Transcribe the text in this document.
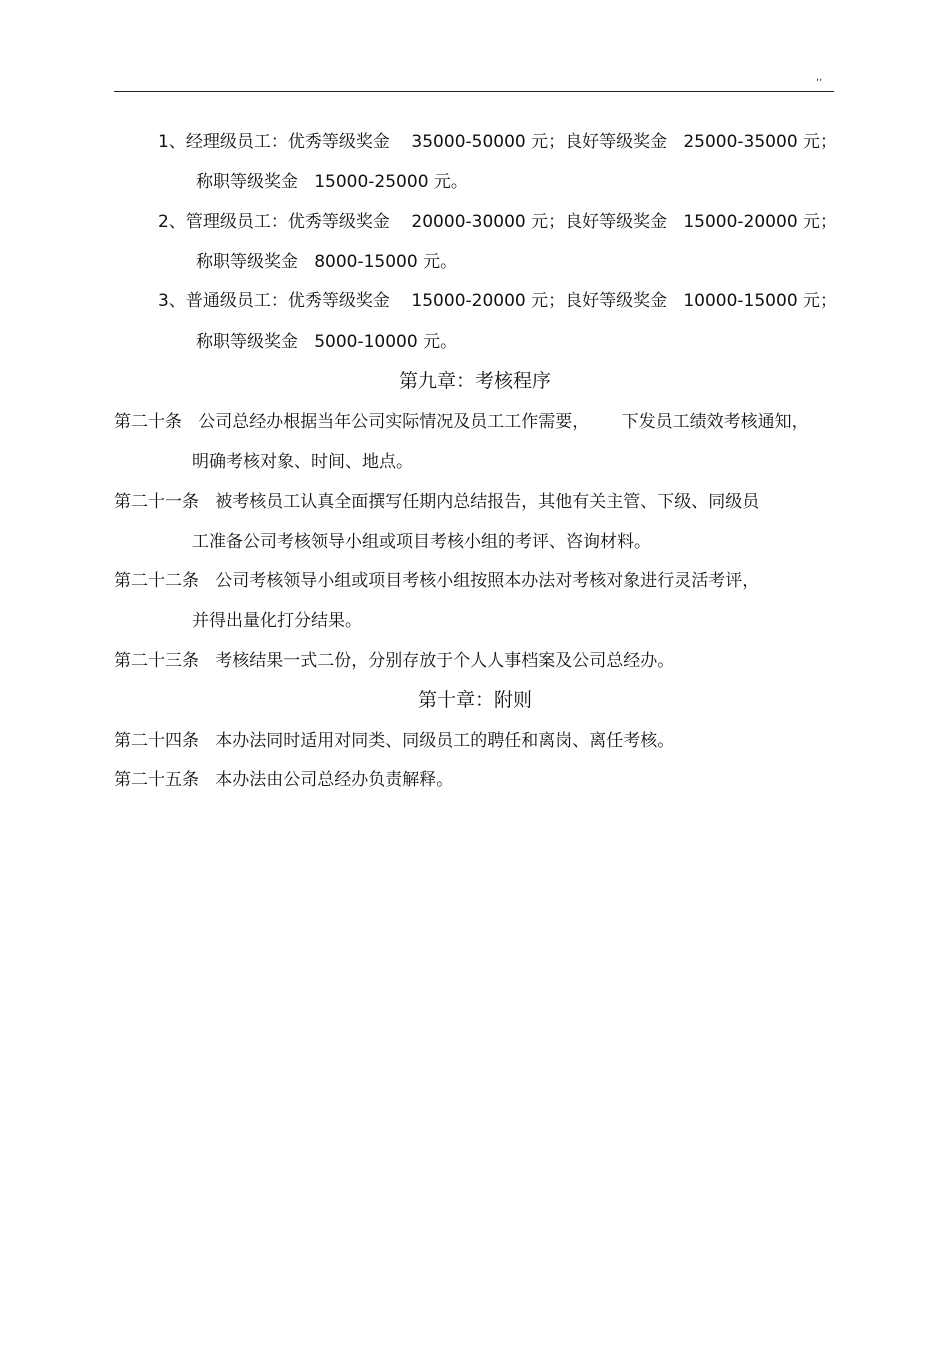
,,
1、经理级员工：优秀等级奖金    35000-50000 元；良好等级奖金   25000-35000 元；
称职等级奖金   15000-25000 元。
2、管理级员工：优秀等级奖金    20000-30000 元；良好等级奖金   15000-20000 元；
称职等级奖金   8000-15000 元。
3、普通级员工：优秀等级奖金    15000-20000 元；良好等级奖金   10000-15000 元；
称职等级奖金   5000-10000 元。
第九章：考核程序
第二十条   公司总经办根据当年公司实际情况及员工工作需要，      下发员工绩效考核通知，
明确考核对象、时间、地点。
第二十一条   被考核员工认真全面撰写任期内总结报告，其他有关主管、下级、同级员
工准备公司考核领导小组或项目考核小组的考评、咨询材料。
第二十二条   公司考核领导小组或项目考核小组按照本办法对考核对象进行灵活考评，
并得出量化打分结果。
第二十三条   考核结果一式二份，分别存放于个人人事档案及公司总经办。
第十章：附则
第二十四条   本办法同时适用对同类、同级员工的聘任和离岗、离任考核。
第二十五条   本办法由公司总经办负责解释。
